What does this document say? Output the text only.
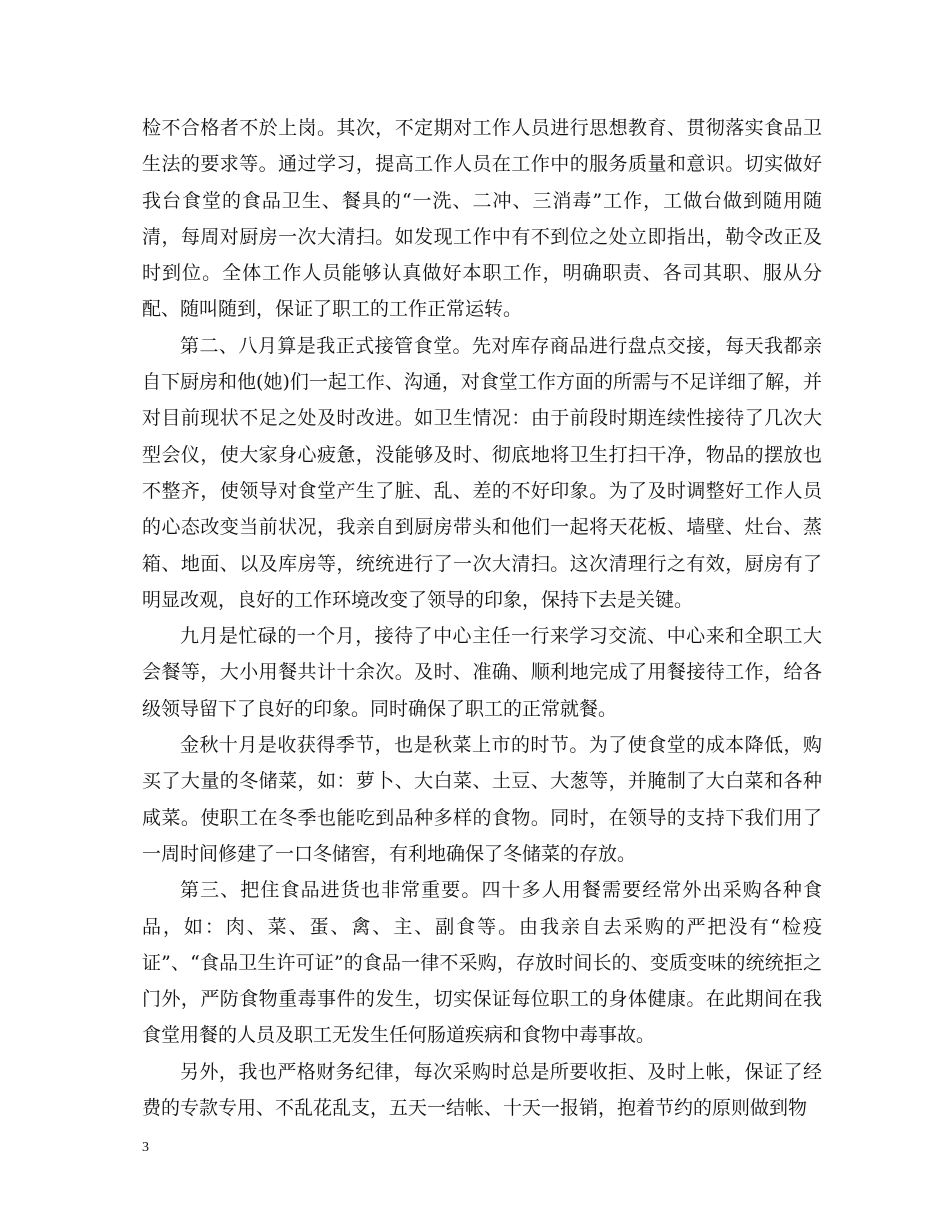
检不合格者不於上岗。其次，不定期对工作人员进行思想教育、贯彻落实食品卫生法的要求等。通过学习，提高工作人员在工作中的服务质量和意识。切实做好我台食堂的食品卫生、餐具的“一洗、二冲、三消毒”工作，工做台做到随用随清，每周对厨房一次大清扫。如发现工作中有不到位之处立即指出，勒令改正及时到位。全体工作人员能够认真做好本职工作，明确职责、各司其职、服从分配、随叫随到，保证了职工的工作正常运转。

第二、八月算是我正式接管食堂。先对库存商品进行盘点交接，每天我都亲自下厨房和他(她)们一起工作、沟通，对食堂工作方面的所需与不足详细了解，并对目前现状不足之处及时改进。如卫生情况：由于前段时期连续性接待了几次大型会仪，使大家身心疲惫，没能够及时、彻底地将卫生打扫干净，物品的摆放也不整齐，使领导对食堂产生了脏、乱、差的不好印象。为了及时调整好工作人员的心态改变当前状况，我亲自到厨房带头和他们一起将天花板、墙壁、灶台、蒸箱、地面、以及库房等，统统进行了一次大清扫。这次清理行之有效，厨房有了明显改观，良好的工作环境改变了领导的印象，保持下去是关键。

九月是忙碌的一个月，接待了中心主任一行来学习交流、中心来和全职工大会餐等，大小用餐共计十余次。及时、准确、顺利地完成了用餐接待工作，给各级领导留下了良好的印象。同时确保了职工的正常就餐。

金秋十月是收获得季节，也是秋菜上市的时节。为了使食堂的成本降低，购买了大量的冬储菜，如：萝卜、大白菜、土豆、大葱等，并腌制了大白菜和各种咸菜。使职工在冬季也能吃到品种多样的食物。同时，在领导的支持下我们用了一周时间修建了一口冬储窖，有利地确保了冬储菜的存放。

第三、把住食品进货也非常重要。四十多人用餐需要经常外出采购各种食品，如：肉、菜、蛋、禽、主、副食等。由我亲自去采购的严把没有“检疫证”、“食品卫生许可证”的食品一律不采购，存放时间长的、变质变味的统统拒之门外，严防食物重毒事件的发生，切实保证每位职工的身体健康。在此期间在我食堂用餐的人员及职工无发生任何肠道疾病和食物中毒事故。

另外，我也严格财务纪律，每次采购时总是所要收拒、及时上帐，保证了经费的专款专用、不乱花乱支，五天一结帐、十天一报销，抱着节约的原则做到物

3
